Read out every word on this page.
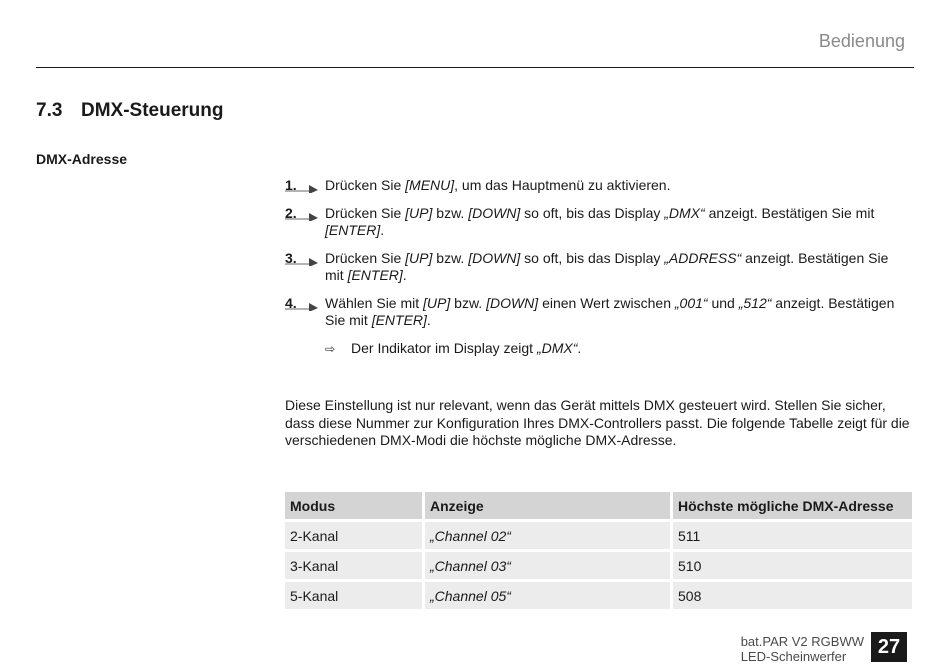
Bedienung
7.3 DMX-Steuerung
DMX-Adresse
1.	Drücken Sie [MENU], um das Hauptmenü zu aktivieren.
2.	Drücken Sie [UP] bzw. [DOWN] so oft, bis das Display „DMX“ anzeigt. Bestätigen Sie mit [ENTER].
3.	Drücken Sie [UP] bzw. [DOWN] so oft, bis das Display „ADDRESS“ anzeigt. Bestätigen Sie mit [ENTER].
4.	Wählen Sie mit [UP] bzw. [DOWN] einen Wert zwischen „001“ und „512“ anzeigt. Bestätigen Sie mit [ENTER].
⇨ Der Indikator im Display zeigt „DMX“.

Diese Einstellung ist nur relevant, wenn das Gerät mittels DMX gesteuert wird. Stellen Sie sicher, dass diese Nummer zur Konfiguration Ihres DMX-Controllers passt. Die folgende Tabelle zeigt für die verschiedenen DMX-Modi die höchste mögliche DMX-Adresse.

Modus	Anzeige	Höchste mögliche DMX-Adresse
2-Kanal	„Channel 02“	511
3-Kanal	„Channel 03“	510
5-Kanal	„Channel 05“	508
bat.PAR V2 RGBWW
LED-Scheinwerfer	27
